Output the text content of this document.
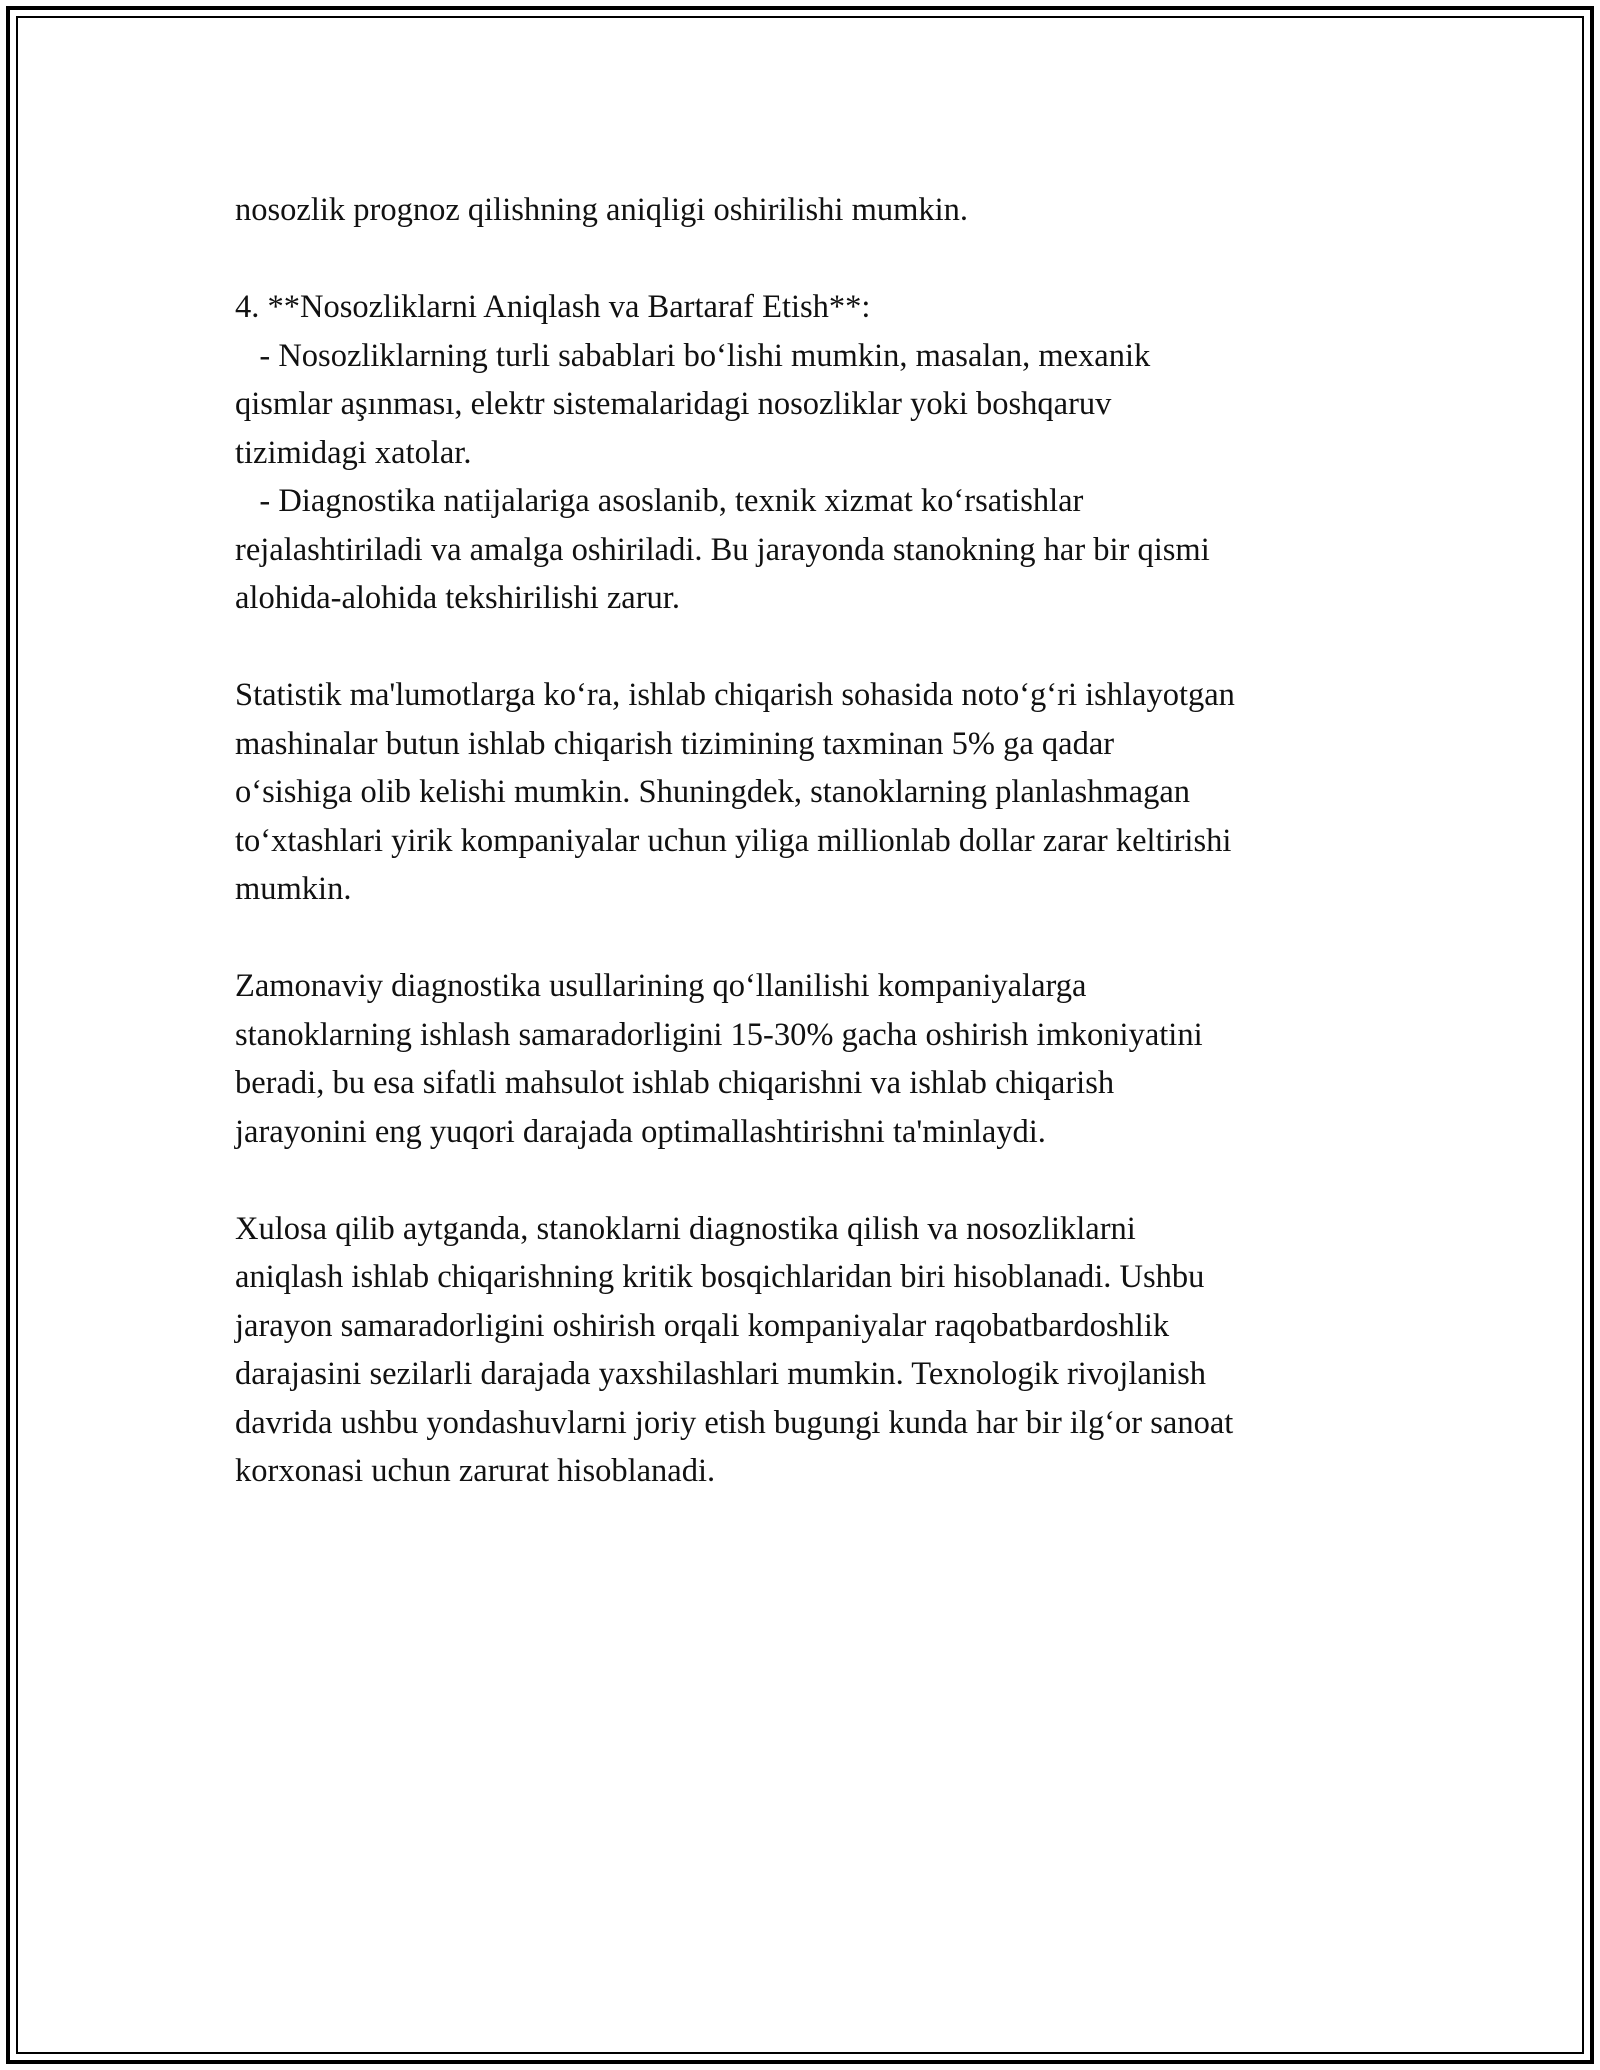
nosozlik prognoz qilishning aniqligi oshirilishi mumkin.
4. **Nosozliklarni Aniqlash va Bartaraf Etish**:
- Nosozliklarning turli sabablari bo‘lishi mumkin, masalan, mexanik
qismlar aşınması, elektr sistemalaridagi nosozliklar yoki boshqaruv
tizimidagi xatolar.
- Diagnostika natijalariga asoslanib, texnik xizmat ko‘rsatishlar
rejalashtiriladi va amalga oshiriladi. Bu jarayonda stanokning har bir qismi
alohida-alohida tekshirilishi zarur.
Statistik ma'lumotlarga ko‘ra, ishlab chiqarish sohasida noto‘g‘ri ishlayotgan
mashinalar butun ishlab chiqarish tizimining taxminan 5% ga qadar
o‘sishiga olib kelishi mumkin. Shuningdek, stanoklarning planlashmagan
to‘xtashlari yirik kompaniyalar uchun yiliga millionlab dollar zarar keltirishi
mumkin.
Zamonaviy diagnostika usullarining qo‘llanilishi kompaniyalarga
stanoklarning ishlash samaradorligini 15-30% gacha oshirish imkoniyatini
beradi, bu esa sifatli mahsulot ishlab chiqarishni va ishlab chiqarish
jarayonini eng yuqori darajada optimallashtirishni ta'minlaydi.
Xulosa qilib aytganda, stanoklarni diagnostika qilish va nosozliklarni
aniqlash ishlab chiqarishning kritik bosqichlaridan biri hisoblanadi. Ushbu
jarayon samaradorligini oshirish orqali kompaniyalar raqobatbardoshlik
darajasini sezilarli darajada yaxshilashlari mumkin. Texnologik rivojlanish
davrida ushbu yondashuvlarni joriy etish bugungi kunda har bir ilg‘or sanoat
korxonasi uchun zarurat hisoblanadi.
